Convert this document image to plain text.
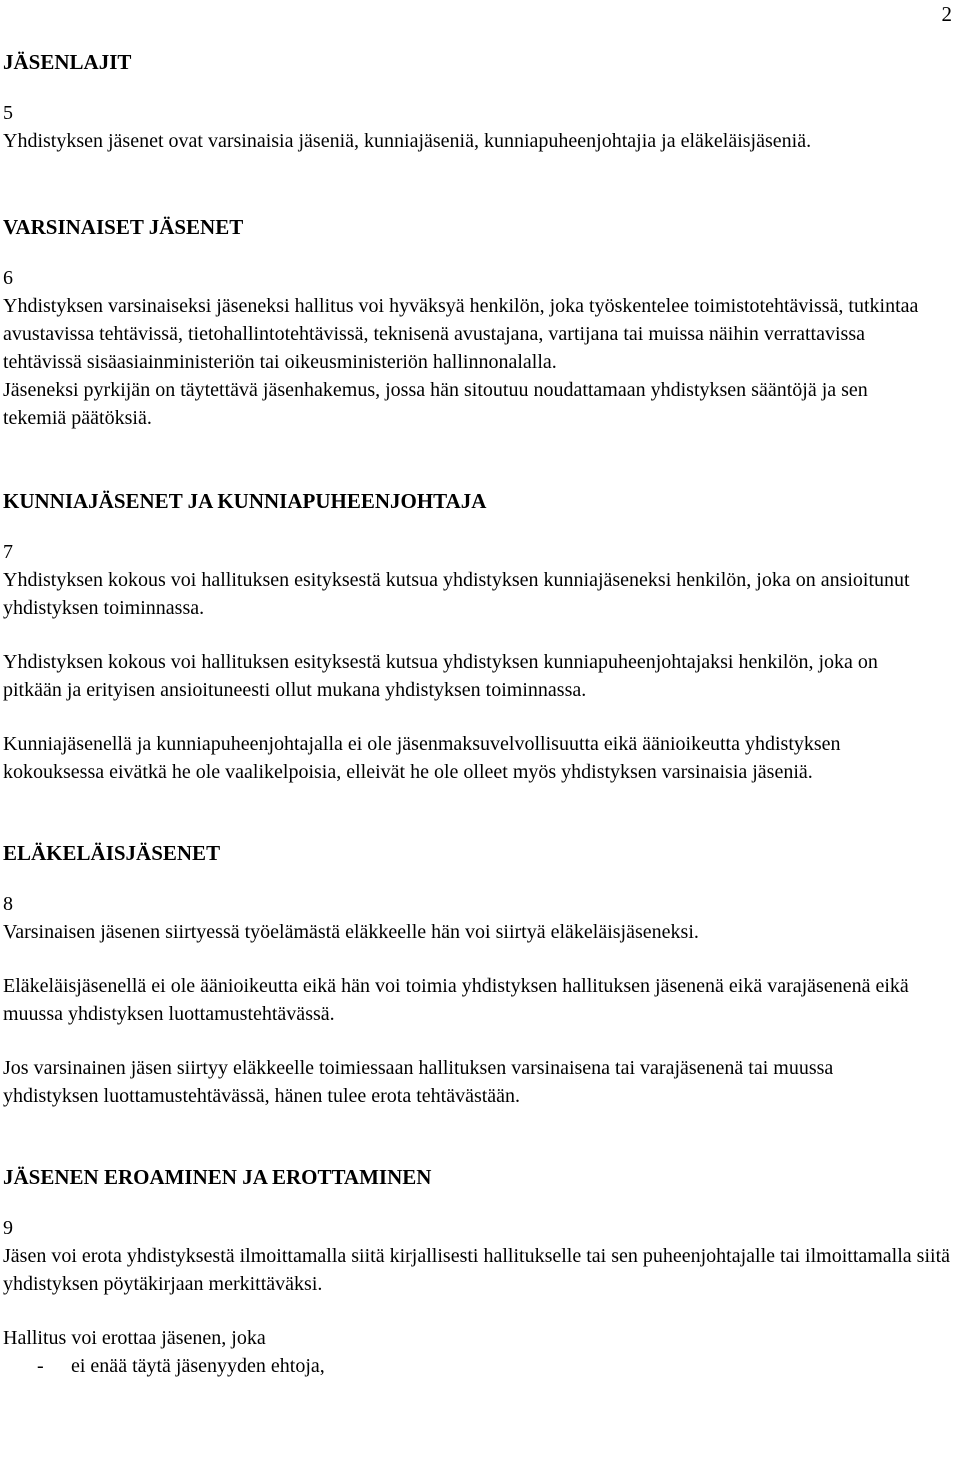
2
JÄSENLAJIT

5

Yhdistyksen jäsenet ovat varsinaisia jäseniä, kunniajäseniä, kunniapuheenjohtajia ja eläkeläisjäseniä.

VARSINAISET JÄSENET

6

Yhdistyksen varsinaiseksi jäseneksi hallitus voi hyväksyä henkilön, joka työskentelee toimistotehtävissä, tutkintaa avustavissa tehtävissä, tietohallintotehtävissä, teknisenä avustajana, vartijana tai muissa näihin verrattavissa tehtävissä sisäasiainministeriön tai oikeusministeriön hallinnonalalla.

Jäseneksi pyrkijän on täytettävä jäsenhakemus, jossa hän sitoutuu noudattamaan yhdistyksen sääntöjä ja sen tekemiä päätöksiä.

KUNNIAJÄSENET JA KUNNIAPUHEENJOHTAJA

7

Yhdistyksen kokous voi hallituksen esityksestä kutsua yhdistyksen kunniajäseneksi henkilön, joka on ansioitunut yhdistyksen toiminnassa.

Yhdistyksen kokous voi hallituksen esityksestä kutsua yhdistyksen kunniapuheenjohtajaksi henkilön, joka on pitkään ja erityisen ansioituneesti ollut mukana yhdistyksen toiminnassa.

Kunniajäsenellä ja kunniapuheenjohtajalla ei ole jäsenmaksuvelvollisuutta eikä äänioikeutta yhdistyksen kokouksessa eivätkä he ole vaalikelpoisia, elleivät he ole olleet myös yhdistyksen varsinaisia jäseniä.

ELÄKELÄISJÄSENET

8

Varsinaisen jäsenen siirtyessä työelämästä eläkkeelle hän voi siirtyä eläkeläisjäseneksi.

Eläkeläisjäsenellä ei ole äänioikeutta eikä hän voi toimia yhdistyksen hallituksen jäsenenä eikä varajäsenenä eikä muussa yhdistyksen luottamustehtävässä.

Jos varsinainen jäsen siirtyy eläkkeelle toimiessaan hallituksen varsinaisena tai varajäsenenä tai muussa yhdistyksen luottamustehtävässä, hänen tulee erota tehtävästään.

JÄSENEN EROAMINEN JA EROTTAMINEN

9

Jäsen voi erota yhdistyksestä ilmoittamalla siitä kirjallisesti hallitukselle tai sen puheenjohtajalle tai ilmoittamalla siitä yhdistyksen pöytäkirjaan merkittäväksi.

Hallitus voi erottaa jäsenen, joka

- ei enää täytä jäsenyyden ehtoja,
